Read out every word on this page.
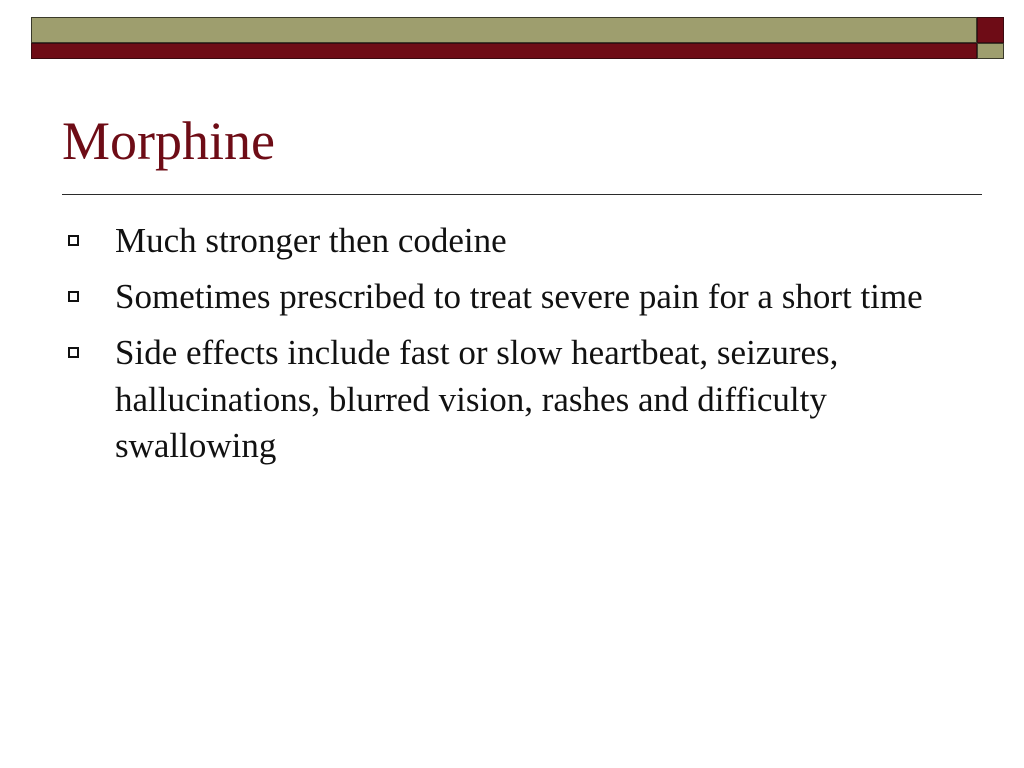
Morphine
Much stronger then codeine
Sometimes prescribed to treat severe pain for a short time
Side effects include fast or slow heartbeat, seizures, hallucinations, blurred vision, rashes and difficulty swallowing
